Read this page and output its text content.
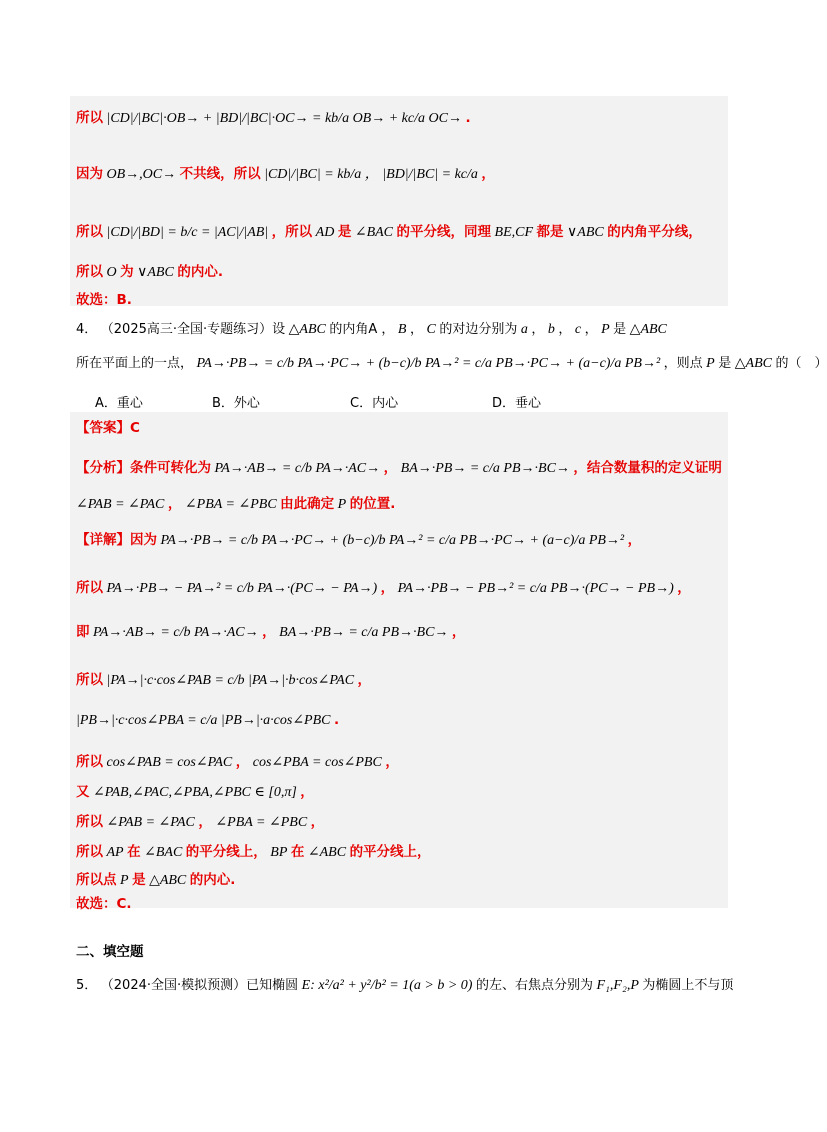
所以 |CD|/|BC|·OB→ + |BD|/|BC|·OC→ = kb/a OB→ + kc/a OC→ .
因为 OB→,OC→ 不共线，所以 |CD|/|BC| = kb/a ， |BD|/|BC| = kc/a ，
所以 |CD|/|BD| = b/c = |AC|/|AB| ，所以 AD 是 ∠BAC 的平分线，同理 BE,CF 都是 ∨ABC 的内角平分线，
所以 O 为 ∨ABC 的内心.
故选：B.
4． （2025高三·全国·专题练习）设 △ABC 的内角A ， B ， C 的对边分别为 a ， b ， c ， P 是 △ABC
所在平面上的一点， PA→·PB→ = c/b PA→·PC→ + (b−c)/b PA→² = c/a PB→·PC→ + (a−c)/a PB→² ，则点 P 是 △ABC 的（　）
A．重心	B．外心	C．内心	D．垂心
【答案】C
【分析】条件可转化为 PA→·AB→ = c/b PA→·AC→ ， BA→·PB→ = c/a PB→·BC→ ，结合数量积的定义证明
∠PAB = ∠PAC ， ∠PBA = ∠PBC 由此确定 P 的位置.
【详解】因为 PA→·PB→ = c/b PA→·PC→ + (b−c)/b PA→² = c/a PB→·PC→ + (a−c)/a PB→² ，
所以 PA→·PB→ − PA→² = c/b PA→·(PC→ − PA→) ， PA→·PB→ − PB→² = c/a PB→·(PC→ − PB→) ，
即 PA→·AB→ = c/b PA→·AC→ ， BA→·PB→ = c/a PB→·BC→ ，
所以 |PA→|·c·cos∠PAB = c/b |PA→|·b·cos∠PAC ，
|PB→|·c·cos∠PBA = c/a |PB→|·a·cos∠PBC .
所以 cos∠PAB = cos∠PAC ， cos∠PBA = cos∠PBC ，
又 ∠PAB,∠PAC,∠PBA,∠PBC ∈ [0,π] ，
所以 ∠PAB = ∠PAC ， ∠PBA = ∠PBC ，
所以 AP 在 ∠BAC 的平分线上， BP 在 ∠ABC 的平分线上，
所以点 P 是 △ABC 的内心.
故选：C.
二、填空题
5． （2024·全国·模拟预测）已知椭圆 E: x²/a² + y²/b² = 1(a > b > 0) 的左、右焦点分别为 F₁,F₂,P 为椭圆上不与顶
